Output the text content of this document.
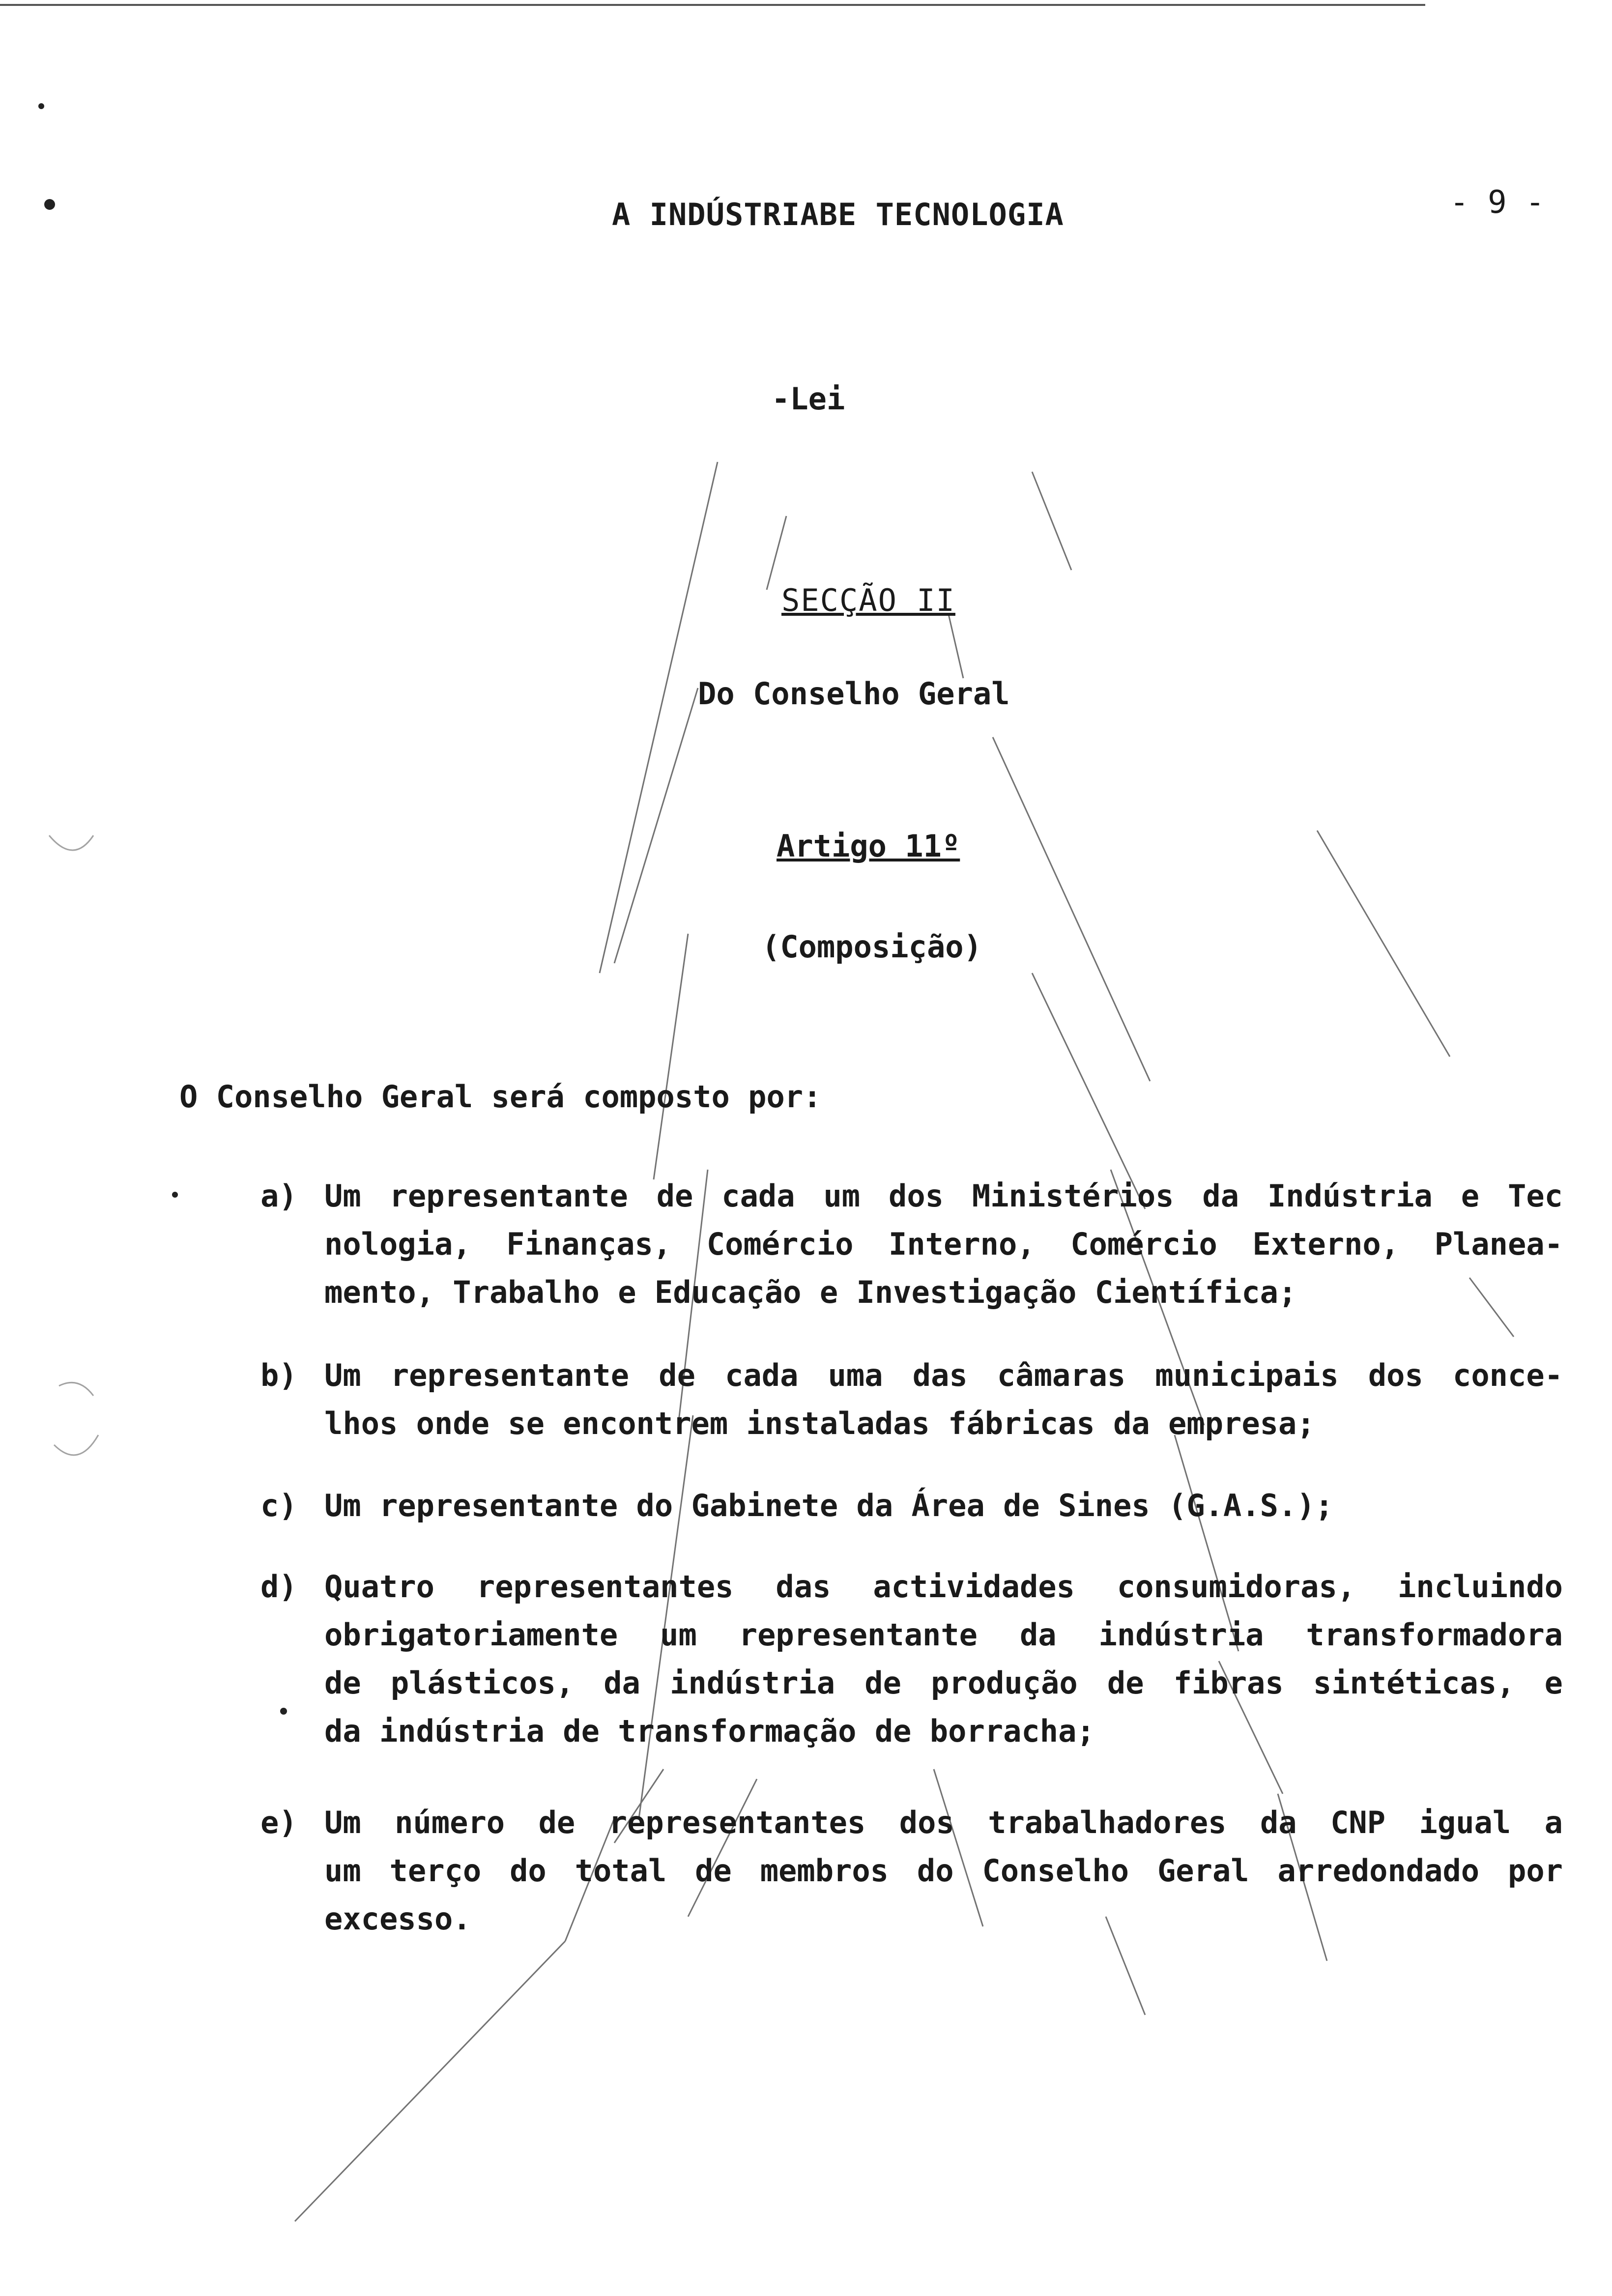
A INDÚSTRIABE TECNOLOGIA	- 9 -
-Lei
SECÇÃO II
Do Conselho Geral
Artigo 11º
(Composição)
O Conselho Geral será composto por:
a) Um representante de cada um dos Ministérios da Indústria e Tec
nologia, Finanças, Comércio Interno, Comércio Externo, Planea-
mento, Trabalho e Educação e Investigação Científica;
b) Um representante de cada uma das câmaras municipais dos conce-
lhos onde se encontrem instaladas fábricas da empresa;
c) Um representante do Gabinete da Área de Sines (G.A.S.);
d) Quatro representantes das actividades consumidoras, incluindo
obrigatoriamente um representante da indústria transformadora
de plásticos, da indústria de produção de fibras sintéticas, e
da indústria de transformação de borracha;
e) Um número de representantes dos trabalhadores da CNP igual a
um terço do total de membros do Conselho Geral arredondado por
excesso.
